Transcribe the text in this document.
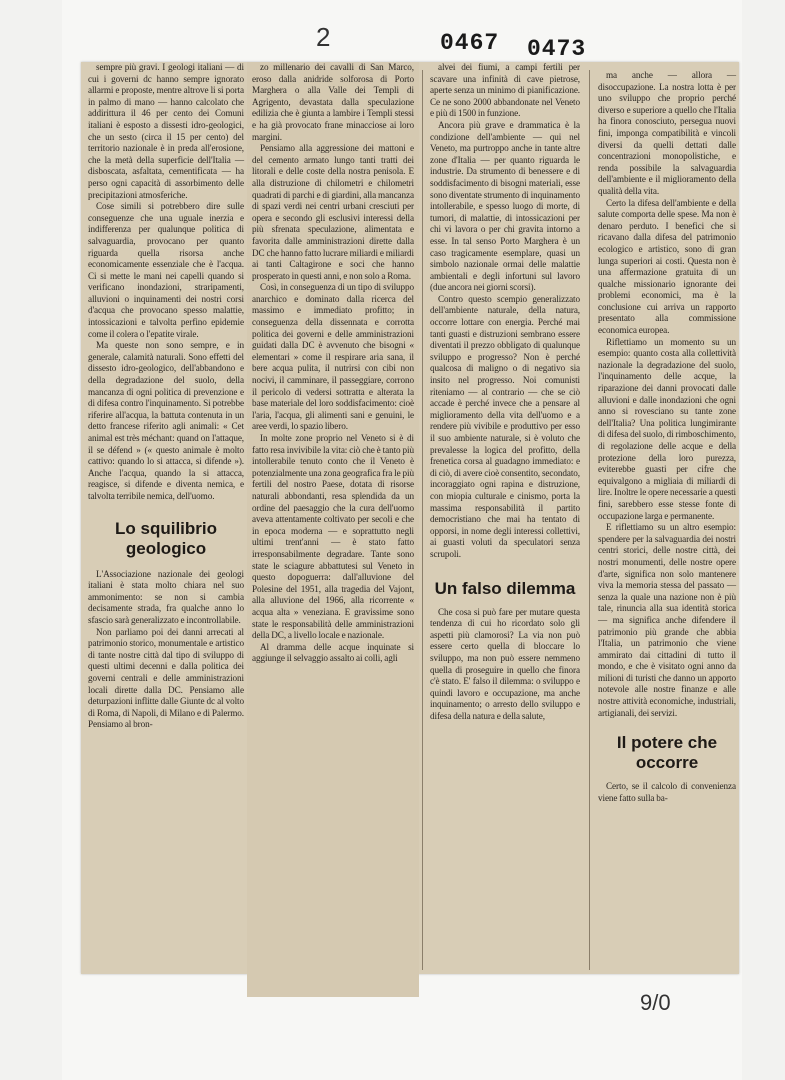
2	0467 0473

sempre più gravi. I geologi italiani — di cui i governi dc hanno sempre ignorato allarmi e proposte, mentre altrove li si porta in palmo di mano — hanno calcolato che addirittura il 46 per cento dei Comuni italiani è esposto a dissesti idro-geologici, che un sesto (circa il 15 per cento) del territorio nazionale è in preda all'erosione, che la metà della superficie dell'Italia — disboscata, asfaltata, cementificata — ha perso ogni capacità di assorbimento delle precipitazioni atmosferiche.

Cose simili si potrebbero dire sulle conseguenze che una uguale inerzia e indifferenza per qualunque politica di salvaguardia, provocano per quanto riguarda quella risorsa anche economicamente essenziale che è l'acqua. Ci si mette le mani nei capelli quando si verificano inondazioni, straripamenti, alluvioni o inquinamenti dei nostri corsi d'acqua che provocano spesso malattie, intossicazioni e talvolta perfino epidemie come il colera o l'epatite virale.

Ma queste non sono sempre, e in generale, calamità naturali. Sono effetti del dissesto idro-geologico, dell'abbandono e della degradazione del suolo, della mancanza di ogni politica di prevenzione e di difesa contro l'inquinamento. Si potrebbe riferire all'acqua, la battuta contenuta in un detto francese riferito agli animali: « Cet animal est très méchant: quand on l'attaque, il se défend » (« questo animale è molto cattivo: quando lo si attacca, si difende »). Anche l'acqua, quando la si attacca, reagisce, si difende e diventa nemica, e talvolta terribile nemica, dell'uomo.

Lo squilibrio geologico

L'Associazione nazionale dei geologi italiani è stata molto chiara nel suo ammonimento: se non si cambia decisamente strada, fra qualche anno lo sfascio sarà generalizzato e incontrollabile.

Non parliamo poi dei danni arrecati al patrimonio storico, monumentale e artistico di tante nostre città dal tipo di sviluppo di questi ultimi decenni e dalla politica dei governi centrali e delle amministrazioni locali dirette dalla DC. Pensiamo alle deturpazioni inflitte dalle Giunte dc al volto di Roma, di Napoli, di Milano e di Palermo. Pensiamo al bron-

zo millenario dei cavalli di San Marco, eroso dalla anidride solforosa di Porto Marghera o alla Valle dei Templi di Agrigento, devastata dalla speculazione edilizia che è giunta a lambire i Templi stessi e ha già provocato frane minacciose ai loro margini.

Pensiamo alla aggressione dei mattoni e del cemento armato lungo tanti tratti dei litorali e delle coste della nostra penisola. E alla distruzione di chilometri e chilometri quadrati di parchi e di giardini, alla mancanza di spazi verdi nei centri urbani cresciuti per opera e secondo gli esclusivi interessi della più sfrenata speculazione, alimentata e favorita dalle amministrazioni dirette dalla DC che hanno fatto lucrare miliardi e miliardi ai tanti Caltagirone e soci che hanno prosperato in questi anni, e non solo a Roma.

Così, in conseguenza di un tipo di sviluppo anarchico e dominato dalla ricerca del massimo e immediato profitto; in conseguenza della dissennata e corrotta politica dei governi e delle amministrazioni guidati dalla DC è avvenuto che bisogni « elementari » come il respirare aria sana, il bere acqua pulita, il nutrirsi con cibi non nocivi, il camminare, il passeggiare, corrono il pericolo di vedersi sottratta e alterata la base materiale del loro soddisfacimento: cioè l'aria, l'acqua, gli alimenti sani e genuini, le aree verdi, lo spazio libero.

In molte zone proprio nel Veneto si è di fatto resa invivibile la vita: ciò che è tanto più intollerabile tenuto conto che il Veneto è potenzialmente una zona geografica fra le più fertili del nostro Paese, dotata di risorse naturali abbondanti, resa splendida da un ordine del paesaggio che la cura dell'uomo aveva attentamente coltivato per secoli e che in epoca moderna — e soprattutto negli ultimi trent'anni — è stato fatto irresponsabilmente degradare. Tante sono state le sciagure abbattutesi sul Veneto in questo dopoguerra: dall'alluvione del Polesine del 1951, alla tragedia del Vajont, alla alluvione del 1966, alla ricorrente « acqua alta » veneziana. E gravissime sono state le responsabilità delle amministrazioni della DC, a livello locale e nazionale.

Al dramma delle acque inquinate si aggiunge il selvaggio assalto ai colli, agli

alvei dei fiumi, a campi fertili per scavare una infinità di cave pietrose, aperte senza un minimo di pianificazione. Ce ne sono 2000 abbandonate nel Veneto e più di 1500 in funzione.

Ancora più grave e drammatica è la condizione dell'ambiente — qui nel Veneto, ma purtroppo anche in tante altre zone d'Italia — per quanto riguarda le industrie. Da strumento di benessere e di soddisfacimento di bisogni materiali, esse sono diventate strumento di inquinamento intollerabile, e spesso luogo di morte, di tumori, di malattie, di intossicazioni per chi vi lavora o per chi gravita intorno a esse. In tal senso Porto Marghera è un caso tragicamente esemplare, quasi un simbolo nazionale ormai delle malattie ambientali e degli infortuni sul lavoro (due ancora nei giorni scorsi).

Contro questo scempio generalizzato dell'ambiente naturale, della natura, occorre lottare con energia. Perché mai tanti guasti e distruzioni sembrano essere diventati il prezzo obbligato di qualunque sviluppo e progresso? Non è perché qualcosa di maligno o di negativo sia insito nel progresso. Noi comunisti riteniamo — al contrario — che se ciò accade è perché invece che a pensare al miglioramento della vita dell'uomo e a rendere più vivibile e produttivo per esso il suo ambiente naturale, si è voluto che prevalesse la logica del profitto, della frenetica corsa al guadagno immediato: e di ciò, di avere cioè consentito, secondato, incoraggiato ogni rapina e distruzione, con miopia culturale e cinismo, porta la massima responsabilità il partito democristiano che mai ha tentato di opporsi, in nome degli interessi collettivi, ai guasti voluti da speculatori senza scrupoli.

Un falso dilemma

Che cosa si può fare per mutare questa tendenza di cui ho ricordato solo gli aspetti più clamorosi? La via non può essere certo quella di bloccare lo sviluppo, ma non può essere nemmeno quella di proseguire in quello che finora c'è stato. E' falso il dilemma: o sviluppo e quindi lavoro e occupazione, ma anche inquinamento; o arresto dello sviluppo e difesa della natura e della salute,

ma anche — allora — disoccupazione. La nostra lotta è per uno sviluppo che proprio perché diverso e superiore a quello che l'Italia ha finora conosciuto, persegua nuovi fini, imponga compatibilità e vincoli diversi da quelli dettati dalle concentrazioni monopolistiche, e renda possibile la salvaguardia dell'ambiente e il miglioramento della qualità della vita.

Certo la difesa dell'ambiente e della salute comporta delle spese. Ma non è denaro perduto. I benefici che si ricavano dalla difesa del patrimonio ecologico e artistico, sono di gran lunga superiori ai costi. Questa non è una affermazione gratuita di un qualche missionario ignorante dei problemi economici, ma è la conclusione cui arriva un rapporto presentato alla commissione economica europea.

Riflettiamo un momento su un esempio: quanto costa alla collettività nazionale la degradazione del suolo, l'inquinamento delle acque, la riparazione dei danni provocati dalle alluvioni e dalle inondazioni che ogni anno si rovesciano su tante zone dell'Italia? Una politica lungimirante di difesa del suolo, di rimboschimento, di regolazione delle acque e della protezione della loro purezza, eviterebbe guasti per cifre che equivalgono a migliaia di miliardi di lire. Inoltre le opere necessarie a questi fini, sarebbero esse stesse fonte di occupazione larga e permanente.

E riflettiamo su un altro esempio: spendere per la salvaguardia dei nostri centri storici, delle nostre città, dei nostri monumenti, delle nostre opere d'arte, significa non solo mantenere viva la memoria stessa del passato — senza la quale una nazione non è più tale, rinuncia alla sua identità storica — ma significa anche difendere il patrimonio più grande che abbia l'Italia, un patrimonio che viene ammirato dai cittadini di tutto il mondo, e che è visitato ogni anno da milioni di turisti che danno un apporto notevole alle nostre finanze e alle nostre attività economiche, industriali, artigianali, dei servizi.

Il potere che occorre

Certo, se il calcolo di convenienza viene fatto sulla ba-

9/0
